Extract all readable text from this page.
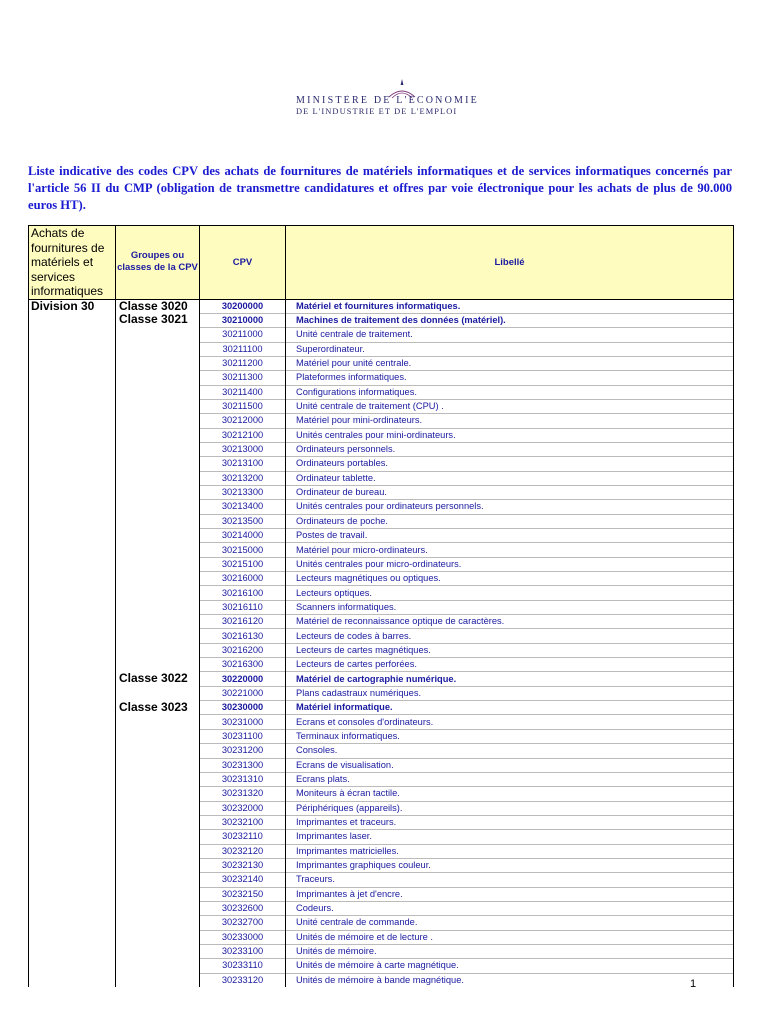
MINISTÈRE DE L'ÉCONOMIE
DE L'INDUSTRIE ET DE L'EMPLOI
Liste indicative des codes CPV des achats de fournitures de matériels informatiques et de services informatiques concernés par l'article 56 II du CMP (obligation de transmettre candidatures et offres par voie électronique pour les achats de plus de 90.000 euros HT).
Achats de fournitures de matériels et services informatiques	Groupes ou classes de la CPV	CPV	Libellé
Division 30	Classe 3020	30200000	Matériel et fournitures informatiques.
	Classe 3021	30210000	Machines de traitement des données (matériel).
		30211000	Unité centrale de traitement.
		30211100	Superordinateur.
		30211200	Matériel pour unité centrale.
		30211300	Plateformes informatiques.
		30211400	Configurations informatiques.
		30211500	Unité centrale de traitement (CPU) .
		30212000	Matériel pour mini-ordinateurs.
		30212100	Unités centrales pour mini-ordinateurs.
		30213000	Ordinateurs personnels.
		30213100	Ordinateurs portables.
		30213200	Ordinateur tablette.
		30213300	Ordinateur de bureau.
		30213400	Unités centrales pour ordinateurs personnels.
		30213500	Ordinateurs de poche.
		30214000	Postes de travail.
		30215000	Matériel pour micro-ordinateurs.
		30215100	Unités centrales pour micro-ordinateurs.
		30216000	Lecteurs magnétiques ou optiques.
		30216100	Lecteurs optiques.
		30216110	Scanners informatiques.
		30216120	Matériel de reconnaissance optique de caractères.
		30216130	Lecteurs de codes à barres.
		30216200	Lecteurs de cartes magnétiques.
		30216300	Lecteurs de cartes perforées.
	Classe 3022	30220000	Matériel de cartographie numérique.
		30221000	Plans cadastraux numériques.
	Classe 3023	30230000	Matériel informatique.
		30231000	Ecrans et consoles d'ordinateurs.
		30231100	Terminaux informatiques.
		30231200	Consoles.
		30231300	Ecrans de visualisation.
		30231310	Ecrans plats.
		30231320	Moniteurs à écran tactile.
		30232000	Périphériques (appareils).
		30232100	Imprimantes et traceurs.
		30232110	Imprimantes laser.
		30232120	Imprimantes matricielles.
		30232130	Imprimantes graphiques couleur.
		30232140	Traceurs.
		30232150	Imprimantes à jet d'encre.
		30232600	Codeurs.
		30232700	Unité centrale de commande.
		30233000	Unités de mémoire et de lecture .
		30233100	Unités de mémoire.
		30233110	Unités de mémoire à carte magnétique.
		30233120	Unités de mémoire à bande magnétique.	1
